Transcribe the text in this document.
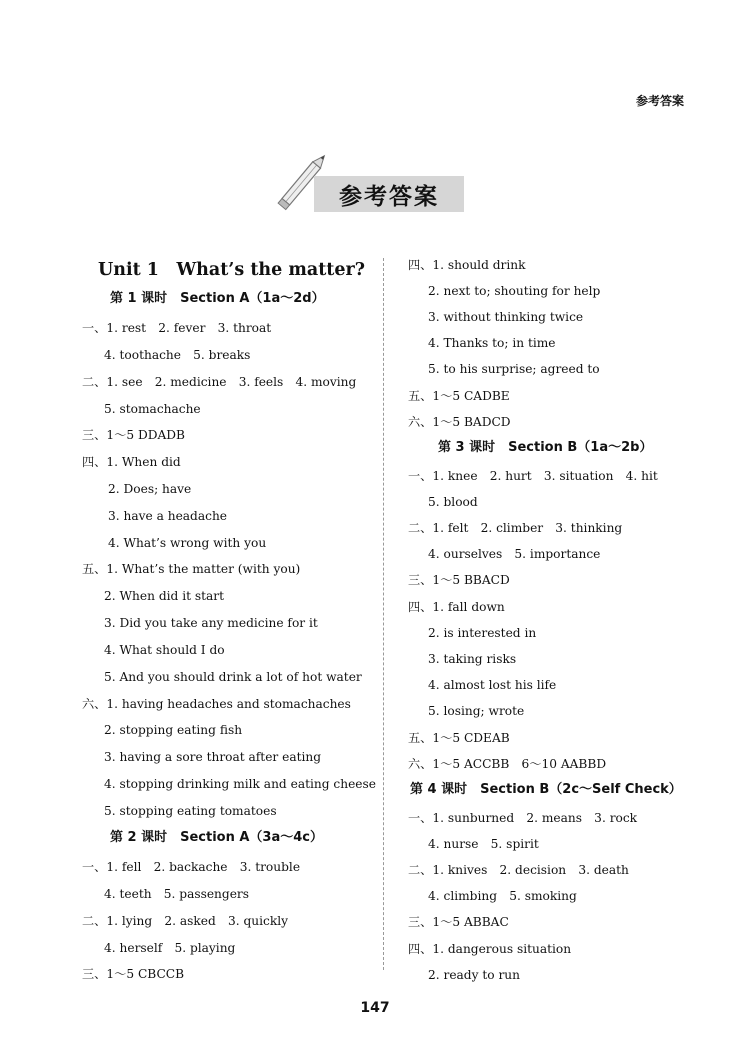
参考答案
参考答案
Unit 1　What’s the matter?
第 1 课时　Section A（1a～2d）
一、1. rest　2. fever　3. throat
4. toothache　5. breaks
二、1. see　2. medicine　3. feels　4. moving
5. stomachache
三、1～5 DDADB
四、1. When did
2. Does; have
3. have a headache
4. What’s wrong with you
五、1. What’s the matter (with you)
2. When did it start
3. Did you take any medicine for it
4. What should I do
5. And you should drink a lot of hot water
六、1. having headaches and stomachaches
2. stopping eating fish
3. having a sore throat after eating
4. stopping drinking milk and eating cheese
5. stopping eating tomatoes
第 2 课时　Section A（3a～4c）
一、1. fell　2. backache　3. trouble
4. teeth　5. passengers
二、1. lying　2. asked　3. quickly
4. herself　5. playing
三、1～5 CBCCB
四、1. should drink
2. next to; shouting for help
3. without thinking twice
4. Thanks to; in time
5. to his surprise; agreed to
五、1～5 CADBE
六、1～5 BADCD
第 3 课时　Section B（1a～2b）
一、1. knee　2. hurt　3. situation　4. hit
5. blood
二、1. felt　2. climber　3. thinking
4. ourselves　5. importance
三、1～5 BBACD
四、1. fall down
2. is interested in
3. taking risks
4. almost lost his life
5. losing; wrote
五、1～5 CDEAB
六、1～5 ACCBB　6～10 AABBD
第 4 课时　Section B（2c～Self Check）
一、1. sunburned　2. means　3. rock
4. nurse　5. spirit
二、1. knives　2. decision　3. death
4. climbing　5. smoking
三、1～5 ABBAC
四、1. dangerous situation
2. ready to run
147
